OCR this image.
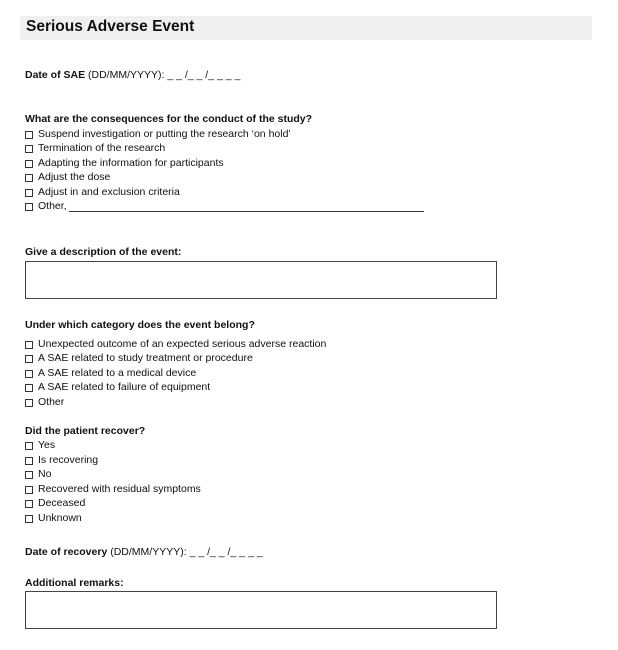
Serious Adverse Event
Date of SAE (DD/MM/YYYY): _ _ /_ _ /_ _ _ _
What are the consequences for the conduct of the study?
Suspend investigation or putting the research ‘on hold’
Termination of the research
Adapting the information for participants
Adjust the dose
Adjust in and exclusion criteria
Other,
Give a description of the event:
Under which category does the event belong?
Unexpected outcome of an expected serious adverse reaction
A SAE related to study treatment or procedure
A SAE related to a medical device
A SAE related to failure of equipment
Other
Did the patient recover?
Yes
Is recovering
No
Recovered with residual symptoms
Deceased
Unknown
Date of recovery (DD/MM/YYYY): _ _ /_ _ /_ _ _ _
Additional remarks:
